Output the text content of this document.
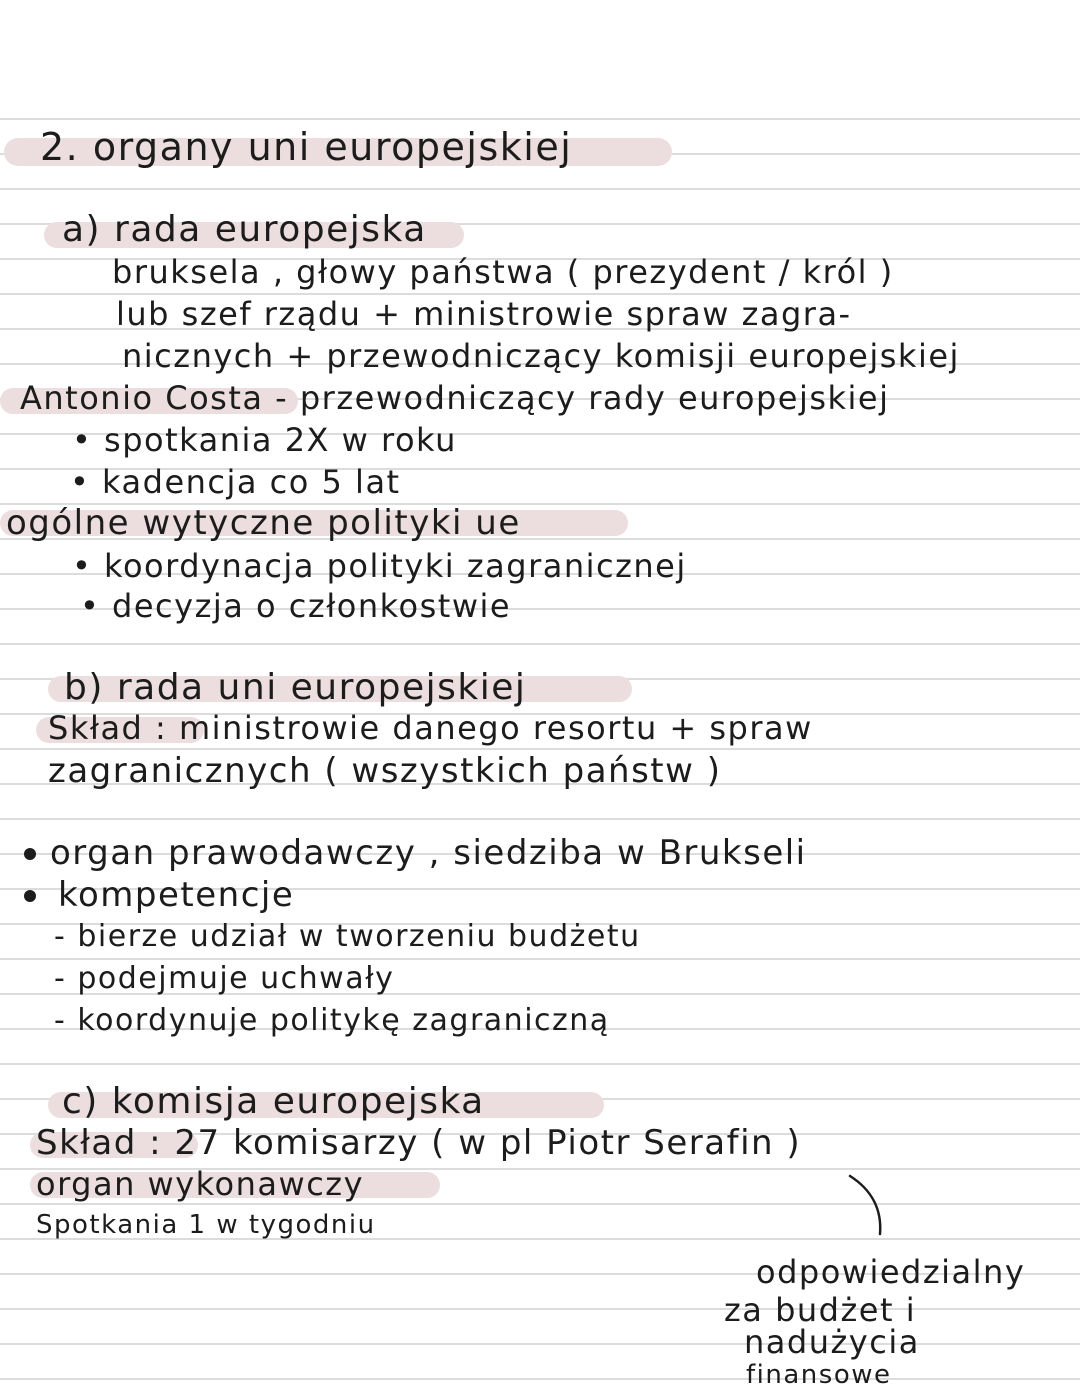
2. organy uni europejskiej
a) rada europejska
bruksela , głowy państwa ( prezydent / król )
lub szef rządu + ministrowie spraw zagra-
nicznych + przewodniczący komisji europejskiej
Antonio Costa - przewodniczący rady europejskiej
• spotkania 2X w roku
• kadencja co 5 lat
ogólne wytyczne polityki ue
• koordynacja polityki zagranicznej
• decyzja o członkostwie
b) rada uni europejskiej
Skład : ministrowie danego resortu + spraw
zagranicznych ( wszystkich państw )
organ prawodawczy , siedziba w Brukseli
kompetencje
- bierze udział w tworzeniu budżetu
- podejmuje uchwały
- koordynuje politykę zagraniczną
c) komisja europejska
Skład : 27 komisarzy ( w pl Piotr Serafin )
organ wykonawczy
Spotkania 1 w tygodniu
odpowiedzialny
za budżet i
nadużycia
finansowe
